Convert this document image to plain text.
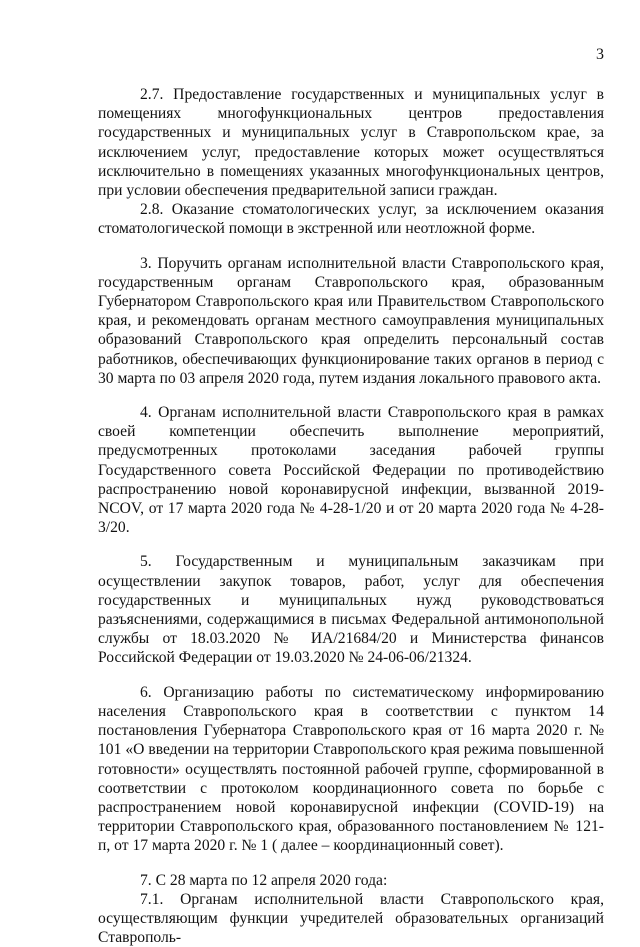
3

2.7. Предоставление государственных и муниципальных услуг в помещениях многофункциональных центров предоставления государственных и муниципальных услуг в Ставропольском крае, за исключением услуг, предоставление которых может осуществляться исключительно в помещениях указанных многофункциональных центров, при условии обеспечения предварительной записи граждан.

2.8. Оказание стоматологических услуг, за исключением оказания стоматологической помощи в экстренной или неотложной форме.

3. Поручить органам исполнительной власти Ставропольского края, государственным органам Ставропольского края, образованным Губернатором Ставропольского края или Правительством Ставропольского края, и рекомендовать органам местного самоуправления муниципальных образований Ставропольского края определить персональный состав работников, обеспечивающих функционирование таких органов в период с 30 марта по 03 апреля 2020 года, путем издания локального правового акта.

4. Органам исполнительной власти Ставропольского края в рамках своей компетенции обеспечить выполнение мероприятий, предусмотренных протоколами заседания рабочей группы Государственного совета Российской Федерации по противодействию распространению новой коронавирусной инфекции, вызванной 2019-NCOV, от 17 марта 2020 года № 4-28-1/20 и от 20 марта 2020 года № 4-28-3/20.

5. Государственным и муниципальным заказчикам при осуществлении закупок товаров, работ, услуг для обеспечения государственных и муниципальных нужд руководствоваться разъяснениями, содержащимися в письмах Федеральной антимонопольной службы от 18.03.2020 № ИА/21684/20 и Министерства финансов Российской Федерации от 19.03.2020 № 24-06-06/21324.

6. Организацию работы по систематическому информированию населения Ставропольского края в соответствии с пунктом 14 постановления Губернатора Ставропольского края от 16 марта 2020 г. № 101 «О введении на территории Ставропольского края режима повышенной готовности» осуществлять постоянной рабочей группе, сформированной в соответствии с протоколом координационного совета по борьбе с распространением новой коронавирусной инфекции (COVID-19) на территории Ставропольского края, образованного постановлением № 121-п, от 17 марта 2020 г. № 1 ( далее – координационный совет).

7. С 28 марта по 12 апреля 2020 года:

7.1. Органам исполнительной власти Ставропольского края, осуществляющим функции учредителей образовательных организаций Ставрополь-
